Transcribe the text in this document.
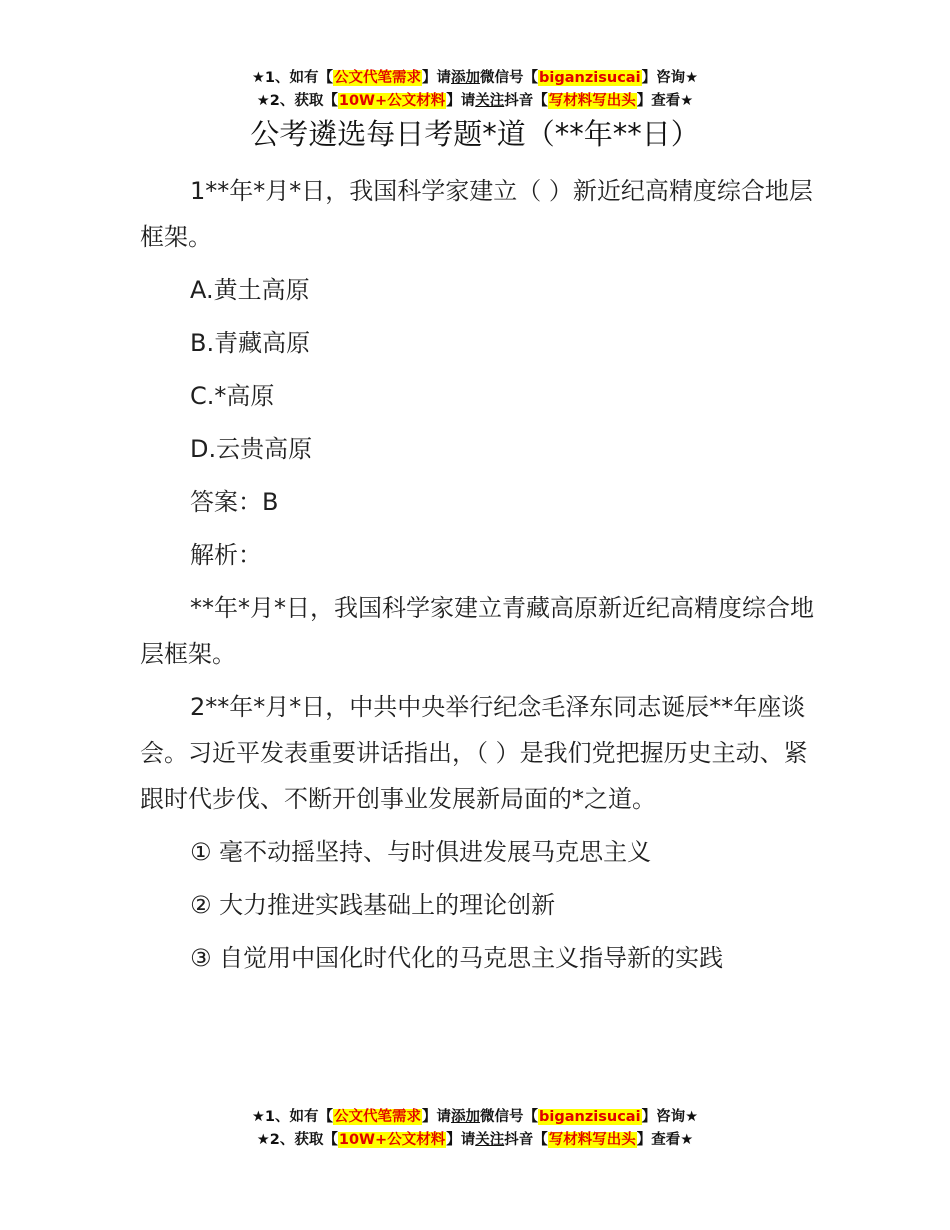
★1、如有【公文代笔需求】请添加微信号【biganzisucai】咨询★
★2、获取【10W+公文材料】请关注抖音【写材料写出头】查看★
公考遴选每日考题*道（**年**日）

1**年*月*日，我国科学家建立（ ）新近纪高精度综合地层框架。

A.黄土高原

B.青藏高原

C.*高原

D.云贵高原

答案：B

解析：

**年*月*日，我国科学家建立青藏高原新近纪高精度综合地层框架。

2**年*月*日，中共中央举行纪念毛泽东同志诞辰**年座谈会。习近平发表重要讲话指出，（ ）是我们党把握历史主动、紧跟时代步伐、不断开创事业发展新局面的*之道。

① 毫不动摇坚持、与时俱进发展马克思主义

② 大力推进实践基础上的理论创新

③ 自觉用中国化时代化的马克思主义指导新的实践

★1、如有【公文代笔需求】请添加微信号【biganzisucai】咨询★
★2、获取【10W+公文材料】请关注抖音【写材料写出头】查看★
